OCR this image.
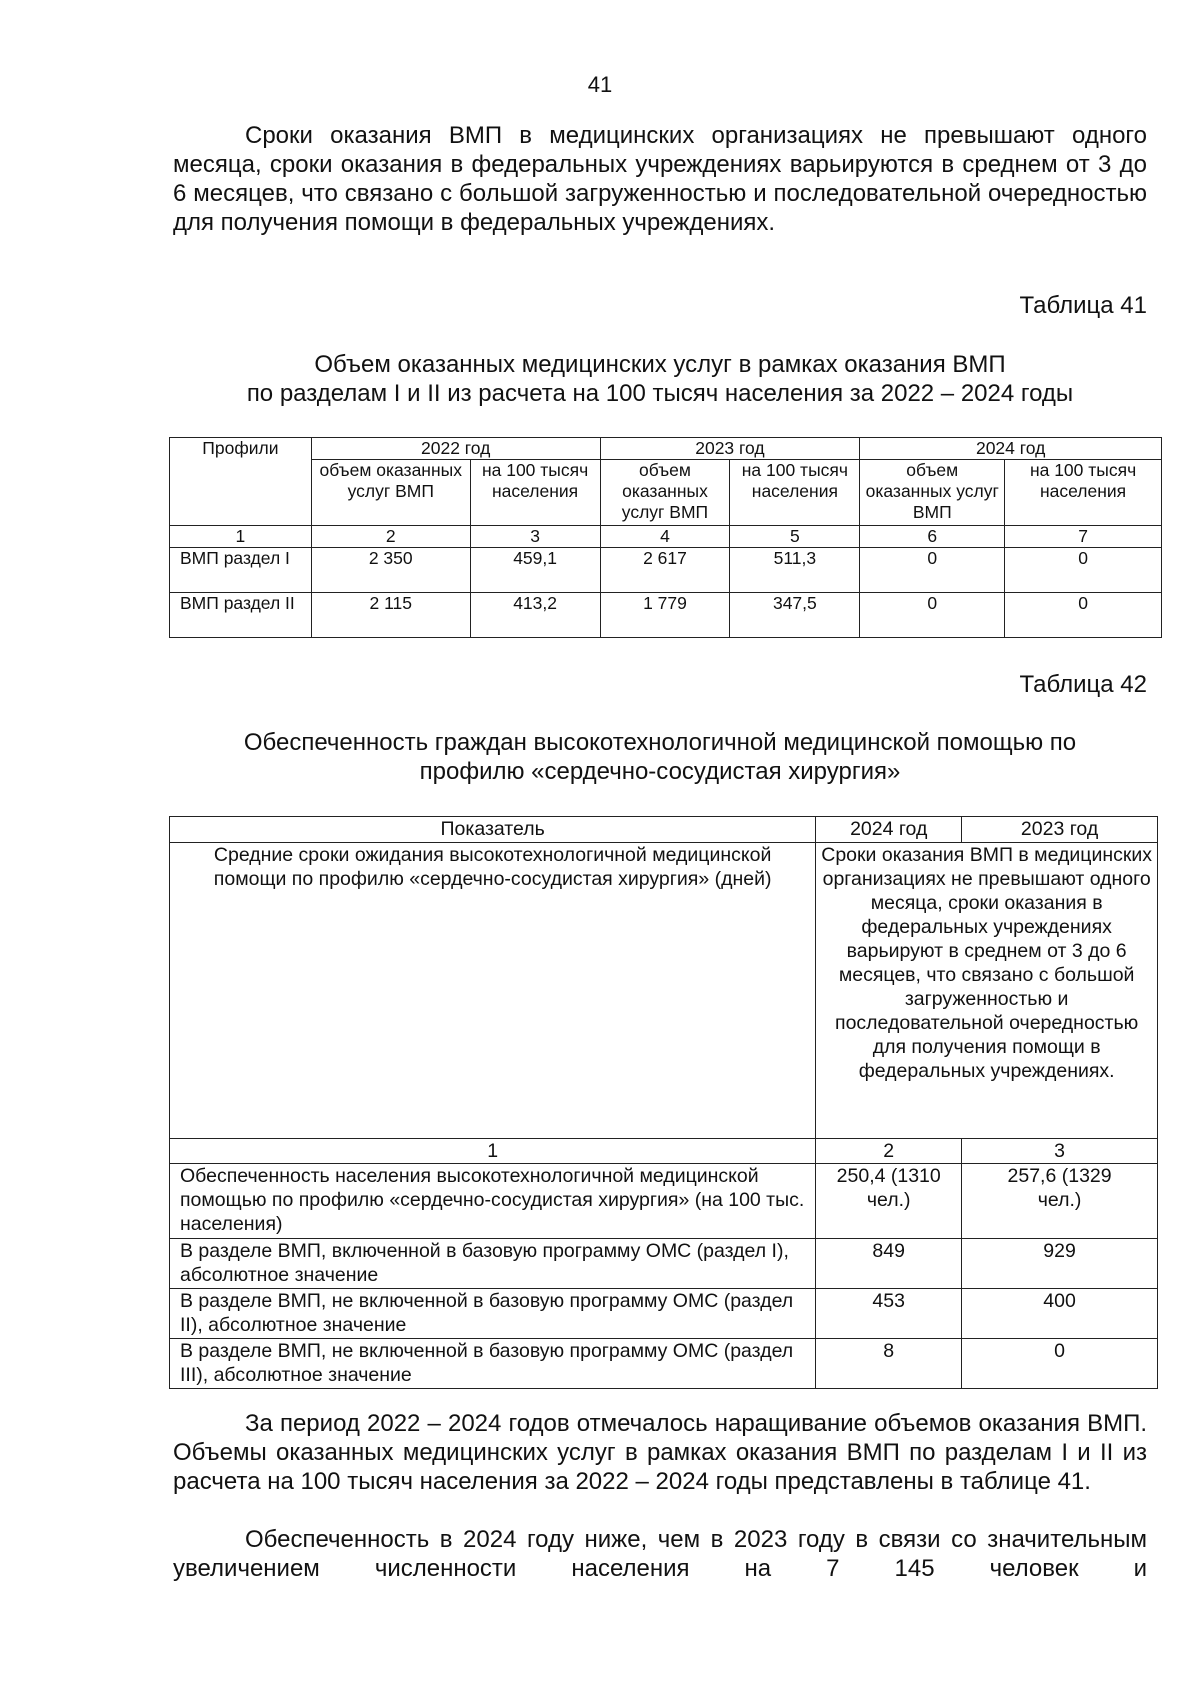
41

Сроки оказания ВМП в медицинских организациях не превышают одного месяца, сроки оказания в федеральных учреждениях варьируются в среднем от 3 до 6 месяцев, что связано с большой загруженностью и последовательной очередностью для получения помощи в федеральных учреждениях.

Таблица 41
Объем оказанных медицинских услуг в рамках оказания ВМП
по разделам I и II из расчета на 100 тысяч населения за 2022 – 2024 годы
Профили	2022 год		2023 год		2024 год	
	объем оказанных услуг ВМП	на 100 тысяч населения	объем оказанных услуг ВМП	на 100 тысяч населения	объем оказанных услуг ВМП	на 100 тысяч населения
1	2	3	4	5	6	7
ВМП раздел I	2 350	459,1	2 617	511,3	0	0
ВМП раздел II	2 115	413,2	1 779	347,5	0	0
Таблица 42
Обеспеченность граждан высокотехнологичной медицинской помощью по
профилю «сердечно-сосудистая хирургия»
Показатель	2024 год	2023 год
Средние сроки ожидания высокотехнологичной медицинской помощи по профилю «сердечно-сосудистая хирургия» (дней)	Сроки оказания ВМП в медицинских организациях не превышают одного месяца, сроки оказания в федеральных учреждениях варьируют в среднем от 3 до 6 месяцев, что связано с большой загруженностью и последовательной очередностью для получения помощи в федеральных учреждениях.	
1	2	3
Обеспеченность населения высокотехнологичной медицинской помощью по профилю «сердечно-сосудистая хирургия» (на 100 тыс. населения)	250,4 (1310 чел.)	257,6 (1329 чел.)
В разделе ВМП, включенной в базовую программу ОМС (раздел I), абсолютное значение	849	929
В разделе ВМП, не включенной в базовую программу ОМС (раздел II), абсолютное значение	453	400
В разделе ВМП, не включенной в базовую программу ОМС (раздел III), абсолютное значение	8	0

За период 2022 – 2024 годов отмечалось наращивание объемов оказания ВМП. Объемы оказанных медицинских услуг в рамках оказания ВМП по разделам I и II из расчета на 100 тысяч населения за 2022 – 2024 годы представлены в таблице 41.

Обеспеченность в 2024 году ниже, чем в 2023 году в связи со значительным увеличением численности населения на 7 145 человек и
